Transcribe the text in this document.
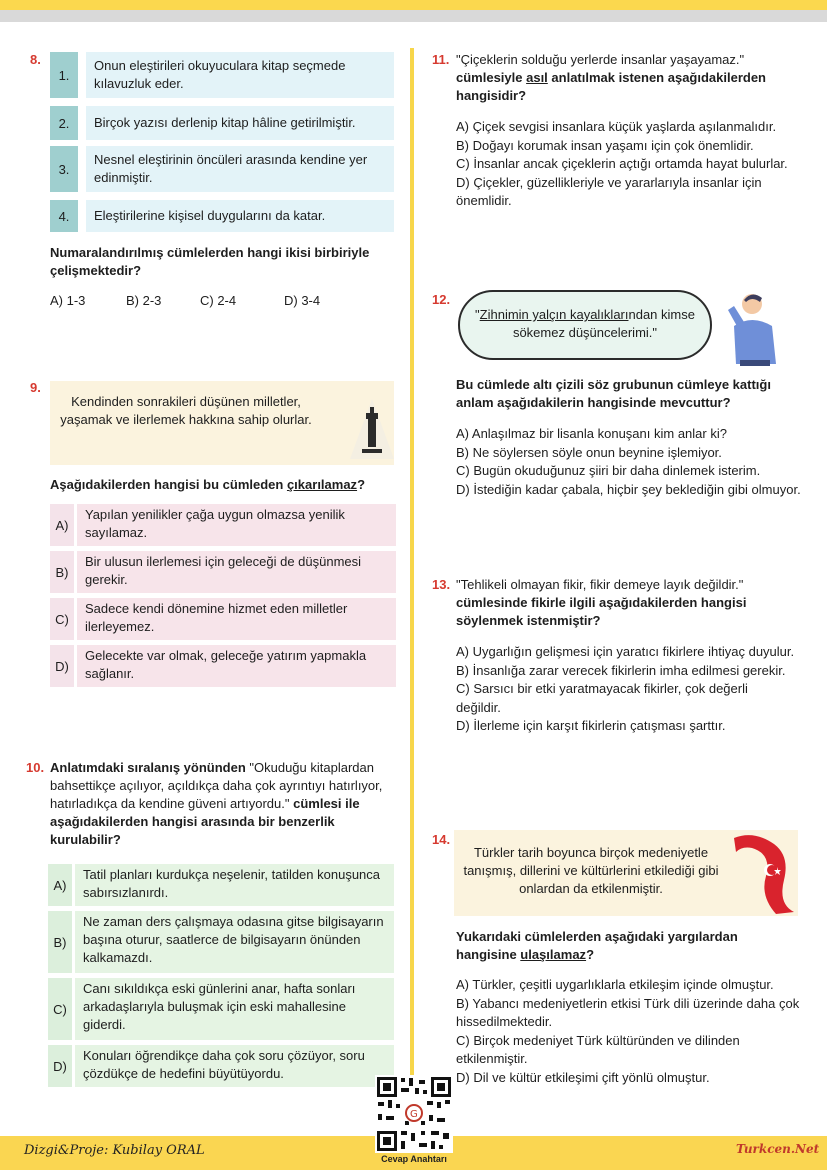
8.
1.
Onun eleştirileri okuyuculara kitap seçmede kılavuzluk eder.
2.	Birçok yazısı derlenip kitap hâline getirilmiştir.
3.
Nesnel eleştirinin öncüleri arasında kendine yer edinmiştir.
4.	Eleştirilerine kişisel duygularını da katar.
Numaralandırılmış cümlelerden hangi ikisi birbiriyle çelişmektedir?
A) 1-3	B) 2-3	C) 2-4	D) 3-4
9.
Kendinden sonrakileri düşünen milletler, yaşamak ve ilerlemek hakkına sahip olurlar.
Aşağıdakilerden hangisi bu cümleden çıkarılamaz?
A)
Yapılan yenilikler çağa uygun olmazsa yenilik sayılamaz.
B)
Bir ulusun ilerlemesi için geleceği de düşünmesi gerekir.
C)
Sadece kendi dönemine hizmet eden milletler ilerleyemez.
D)
Gelecekte var olmak, geleceğe yatırım yapmakla sağlanır.
10. Anlatımdaki sıralanış yönünden "Okuduğu kitaplardan bahsettikçe açılıyor, açıldıkça daha çok ayrıntıyı hatırlıyor, hatırladıkça da kendine güveni artıyordu." cümlesi ile aşağıdakilerden hangisi arasında bir benzerlik kurulabilir?
A)
Tatil planları kurdukça neşelenir, tatilden konuşunca sabırsızlanırdı.
B)
Ne zaman ders çalışmaya odasına gitse bilgisayarın başına oturur, saatlerce de bilgisayarın önünden kalkamazdı.
C)
Canı sıkıldıkça eski günlerini anar, hafta sonları arkadaşlarıyla buluşmak için eski mahallesine giderdi.
D)
Konuları öğrendikçe daha çok soru çözüyor, soru çözdükçe de hedefini büyütüyordu.
11. "Çiçeklerin solduğu yerlerde insanlar yaşayamaz." cümlesiyle asıl anlatılmak istenen aşağıdakilerden hangisidir?
A) Çiçek sevgisi insanlara küçük yaşlarda aşılanmalıdır.
B) Doğayı korumak insan yaşamı için çok önemlidir.
C) İnsanlar ancak çiçeklerin açtığı ortamda hayat bulurlar.
D) Çiçekler, güzellikleriyle ve yararlarıyla insanlar için önemlidir.
12.
"Zihnimin yalçın kayalıklarından kimse sökemez düşüncelerimi."
Bu cümlede altı çizili söz grubunun cümleye kattığı anlam aşağıdakilerin hangisinde mevcuttur?
A) Anlaşılmaz bir lisanla konuşanı kim anlar ki?
B) Ne söylersen söyle onun beynine işlemiyor.
C) Bugün okuduğunuz şiiri bir daha dinlemek isterim.
D) İstediğin kadar çabala, hiçbir şey beklediğin gibi olmuyor.
13. "Tehlikeli olmayan fikir, fikir demeye layık değildir." cümlesinde fikirle ilgili aşağıdakilerden hangisi söylenmek istenmiştir?
A) Uygarlığın gelişmesi için yaratıcı fikirlere ihtiyaç duyulur.
B) İnsanlığa zarar verecek fikirlerin imha edilmesi gerekir.
C) Sarsıcı bir etki yaratmayacak fikirler, çok değerli değildir.
D) İlerleme için karşıt fikirlerin çatışması şarttır.
14.
Türkler tarih boyunca birçok medeniyetle tanışmış, dillerini ve kültürlerini etkilediği gibi onlardan da etkilenmiştir.
Yukarıdaki cümlelerden aşağıdaki yargılardan hangisine ulaşılamaz?
A) Türkler, çeşitli uygarlıklarla etkileşim içinde olmuştur.
B) Yabancı medeniyetlerin etkisi Türk dili üzerinde daha çok hissedilmektedir.
C) Birçok medeniyet Türk kültüründen ve dilinden etkilenmiştir.
D) Dil ve kültür etkileşimi çift yönlü olmuştur.
Dizgi&Proje: Kubilay ORAL	Turkcen.Net
G
Cevap Anahtarı
